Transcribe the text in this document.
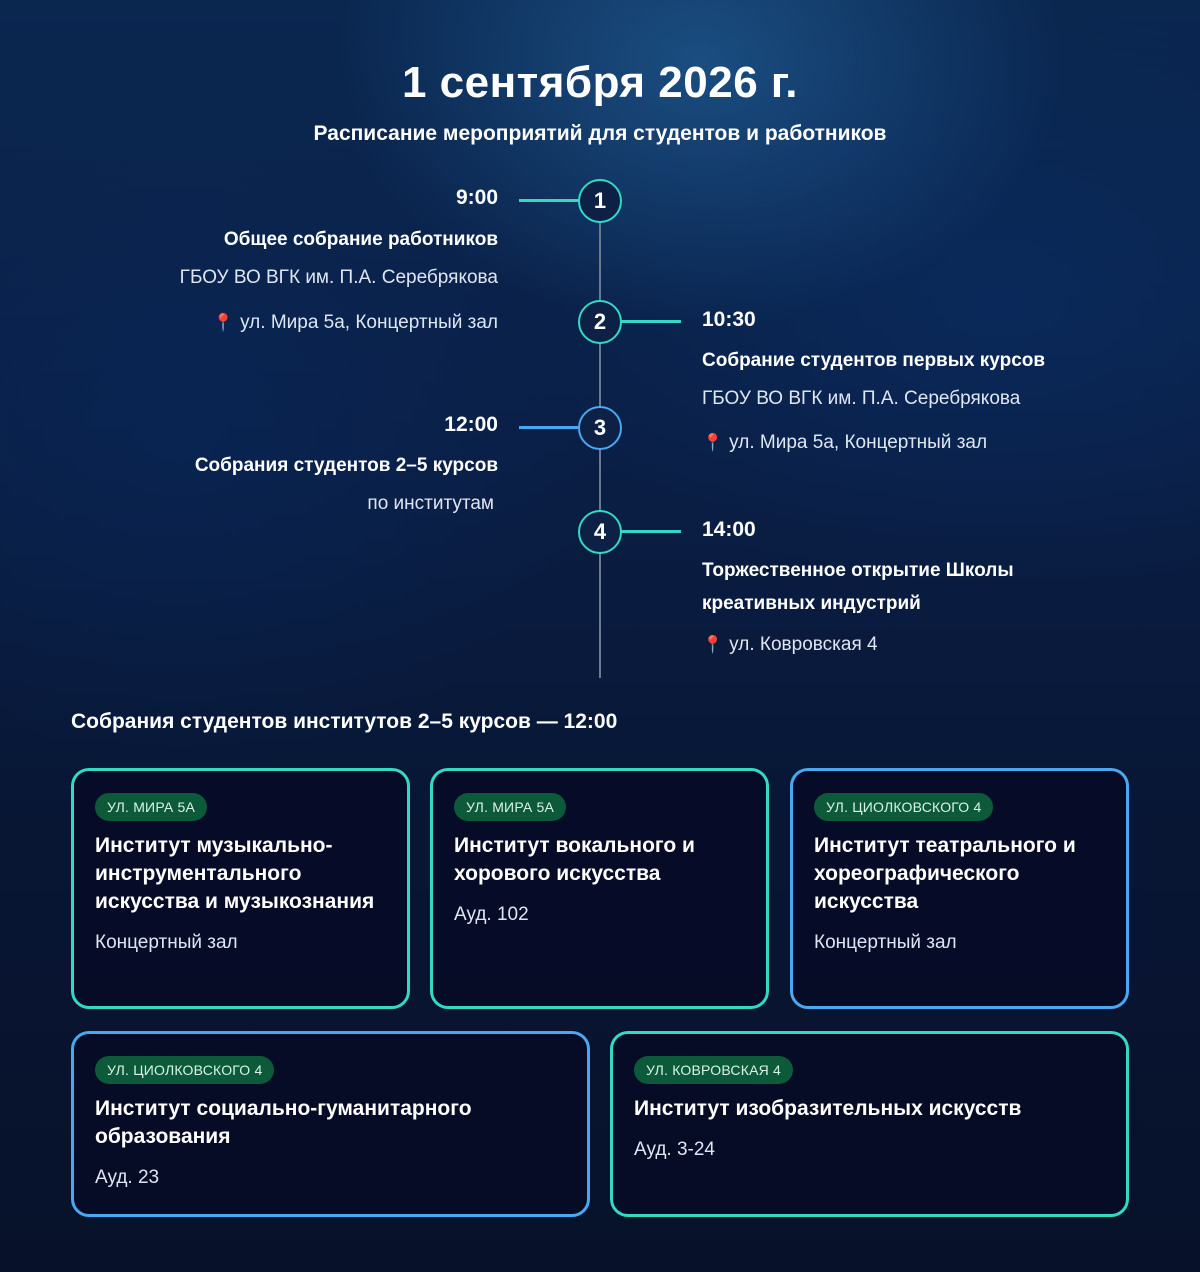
1 сентября 2026 г.
Расписание мероприятий для студентов и работников
1
9:00
Общее собрание работников
ГБОУ ВО ВГК им. П.А. Серебрякова
📍 ул. Мира 5а, Концертный зал	2	10:30
Собрание студентов первых курсов
ГБОУ ВО ВГК им. П.А. Серебрякова
📍 ул. Мира 5а, Концертный зал
3
12:00
Собрания студентов 2–5 курсов
по институтам
4	14:00
Торжественное открытие Школы
креативных индустрий
📍 ул. Ковровская 4
Собрания студентов институтов 2–5 курсов — 12:00
УЛ. МИРА 5А
Институт музыкально-инструментального искусства и музыкознания
Концертный зал
УЛ. МИРА 5А
Институт вокального и хорового искусства
Ауд. 102
УЛ. ЦИОЛКОВСКОГО 4
Институт театрального и хореографического искусства
Концертный зал
УЛ. ЦИОЛКОВСКОГО 4
Институт социально-гуманитарного образования
Ауд. 23
УЛ. КОВРОВСКАЯ 4
Институт изобразительных искусств
Ауд. 3-24
